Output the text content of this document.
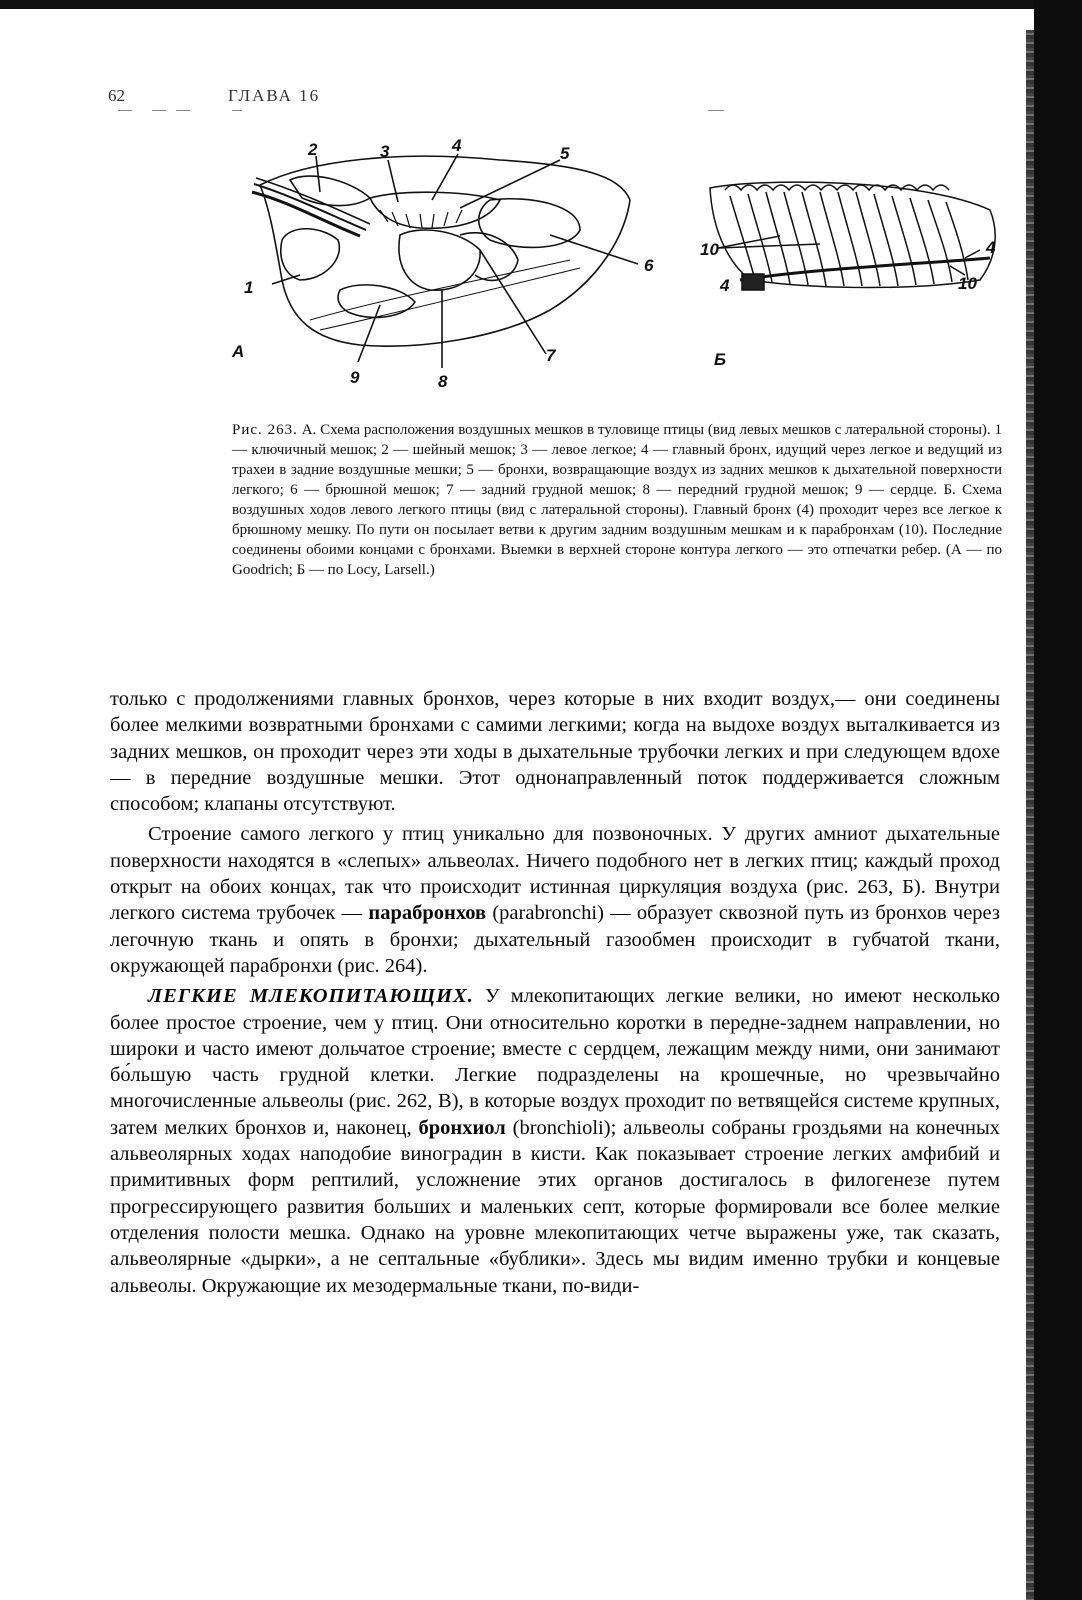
62	ГЛАВА 16
А
1
2	3	4	5
6
7
8
9
Б
10
4
4
10
Рис. 263. А. Схема расположения воздушных мешков в туловище птицы (вид левых мешков с латеральной стороны). 1 — ключичный мешок; 2 — шейный мешок; 3 — левое легкое; 4 — главный бронх, идущий через легкое и ведущий из трахеи в задние воздушные мешки; 5 — бронхи, возвращающие воздух из задних мешков к дыхательной поверхности легкого; 6 — брюшной мешок; 7 — задний грудной мешок; 8 — передний грудной мешок; 9 — сердце. Б. Схема воздушных ходов левого легкого птицы (вид с латеральной стороны). Главный бронх (4) проходит через все легкое к брюшному мешку. По пути он посылает ветви к другим задним воздушным мешкам и к парабронхам (10). Последние соединены обоими концами с бронхами. Выемки в верхней стороне контура легкого — это отпечатки ребер. (А — по Goodrich; Б — по Locy, Larsell.)

только с продолжениями главных бронхов, через которые в них входит воздух,— они соединены более мелкими возвратными бронхами с самими легкими; когда на выдохе воздух выталкивается из задних мешков, он проходит через эти ходы в дыхательные трубочки легких и при следующем вдохе — в передние воздушные мешки. Этот однонаправленный поток поддерживается сложным способом; клапаны отсутствуют.

Строение самого легкого у птиц уникально для позвоночных. У других амниот дыхательные поверхности находятся в «слепых» альвеолах. Ничего подобного нет в легких птиц; каждый проход открыт на обоих концах, так что происходит истинная циркуляция воздуха (рис. 263, Б). Внутри легкого система трубочек — парабронхов (parabronchi) — образует сквозной путь из бронхов через легочную ткань и опять в бронхи; дыхательный газообмен происходит в губчатой ткани, окружающей парабронхи (рис. 264).

ЛЕГКИЕ МЛЕКОПИТАЮЩИХ. У млекопитающих легкие велики, но имеют несколько более простое строение, чем у птиц. Они относительно коротки в передне-заднем направлении, но широки и часто имеют дольчатое строение; вместе с сердцем, лежащим между ними, они занимают бо́льшую часть грудной клетки. Легкие подразделены на крошечные, но чрезвычайно многочисленные альвеолы (рис. 262, В), в которые воздух проходит по ветвящейся системе крупных, затем мелких бронхов и, наконец, бронхиол (bronchioli); альвеолы собраны гроздьями на конечных альвеолярных ходах наподобие виноградин в кисти. Как показывает строение легких амфибий и примитивных форм рептилий, усложнение этих органов достигалось в филогенезе путем прогрессирующего развития больших и маленьких септ, которые формировали все более мелкие отделения полости мешка. Однако на уровне млекопитающих четче выражены уже, так сказать, альвеолярные «дырки», а не септальные «бублики». Здесь мы видим именно трубки и концевые альвеолы. Окружающие их мезодермальные ткани, по-види-
